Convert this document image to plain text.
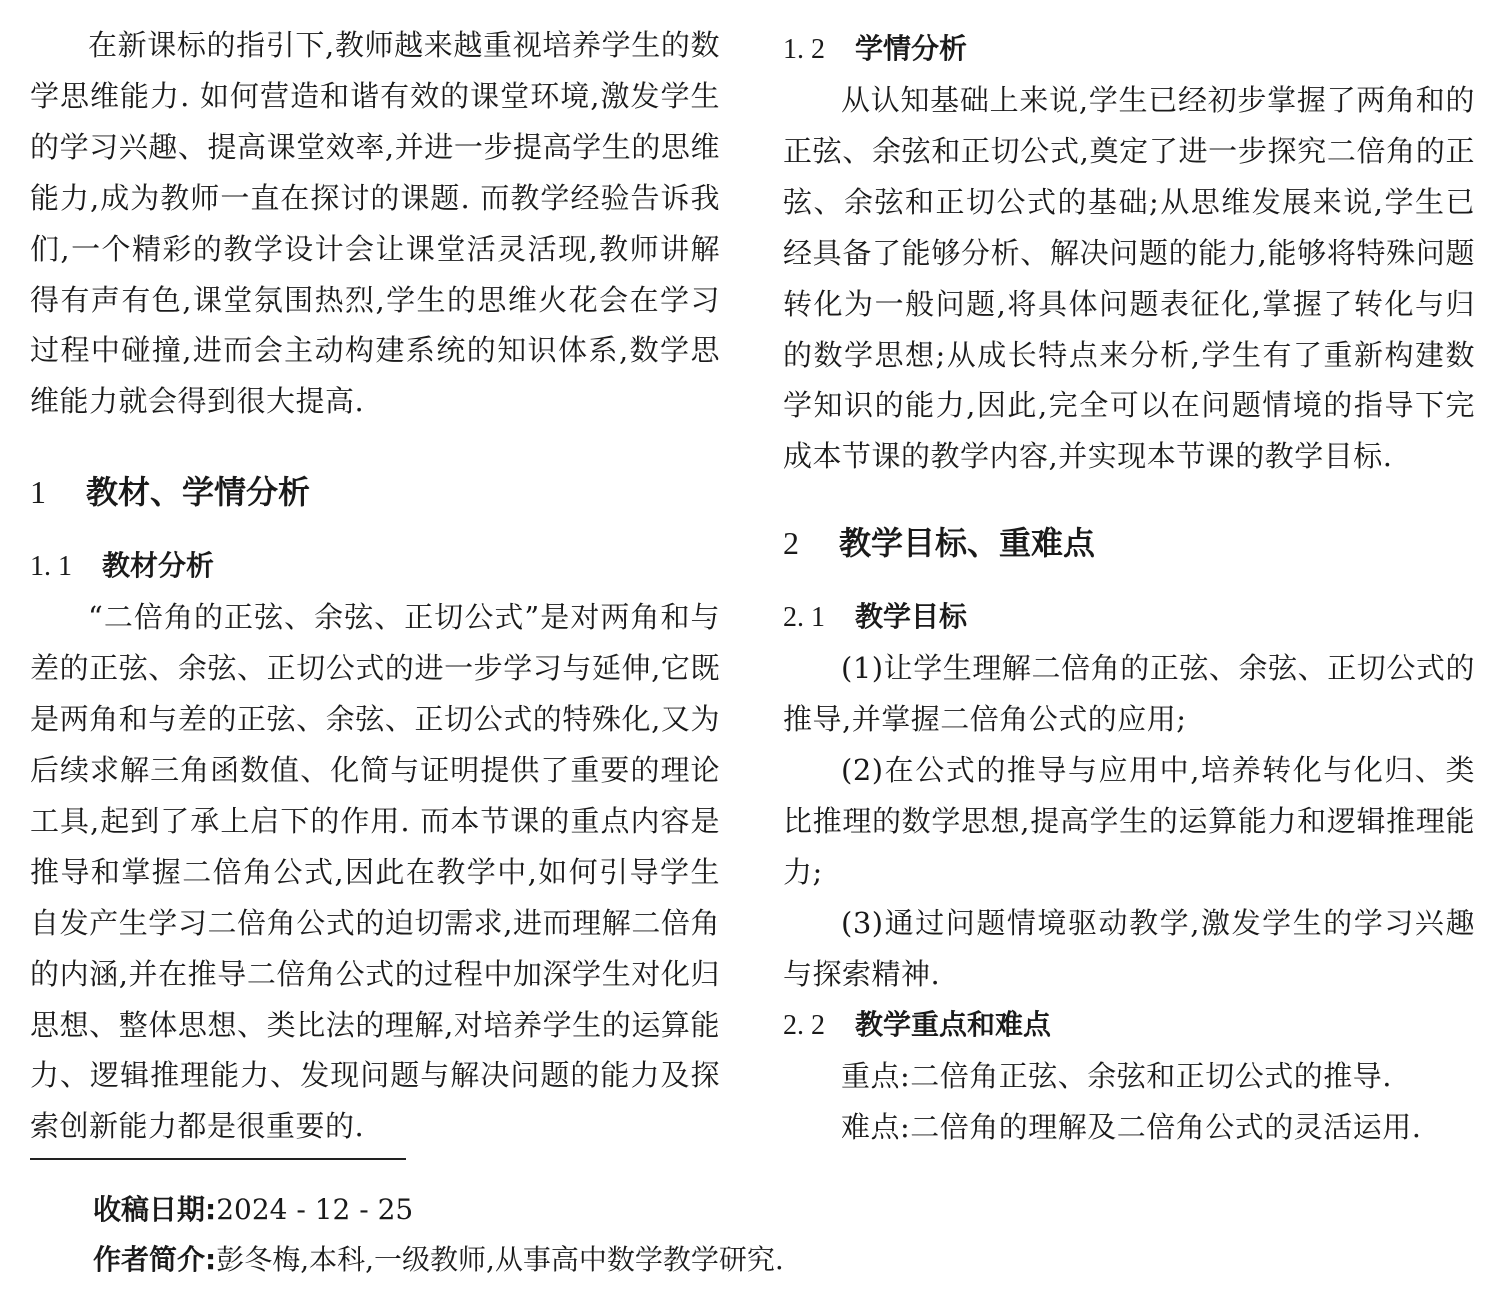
在新课标的指引下,教师越来越重视培养学生的数学思维能力. 如何营造和谐有效的课堂环境,激发学生的学习兴趣、提高课堂效率,并进一步提高学生的思维能力,成为教师一直在探讨的课题. 而教学经验告诉我们,一个精彩的教学设计会让课堂活灵活现,教师讲解得有声有色,课堂氛围热烈,学生的思维火花会在学习过程中碰撞,进而会主动构建系统的知识体系,数学思维能力就会得到很大提高.

1 教材、学情分析
1. 1 教材分析

“二倍角的正弦、余弦、正切公式”是对两角和与差的正弦、余弦、正切公式的进一步学习与延伸,它既是两角和与差的正弦、余弦、正切公式的特殊化,又为后续求解三角函数值、化简与证明提供了重要的理论工具,起到了承上启下的作用. 而本节课的重点内容是推导和掌握二倍角公式,因此在教学中,如何引导学生自发产生学习二倍角公式的迫切需求,进而理解二倍角的内涵,并在推导二倍角公式的过程中加深学生对化归思想、整体思想、类比法的理解,对培养学生的运算能力、逻辑推理能力、发现问题与解决问题的能力及探索创新能力都是很重要的.

1. 2 学情分析

从认知基础上来说,学生已经初步掌握了两角和的正弦、余弦和正切公式,奠定了进一步探究二倍角的正弦、余弦和正切公式的基础;从思维发展来说,学生已经具备了能够分析、解决问题的能力,能够将特殊问题转化为一般问题,将具体问题表征化,掌握了转化与归的数学思想;从成长特点来分析,学生有了重新构建数学知识的能力,因此,完全可以在问题情境的指导下完成本节课的教学内容,并实现本节课的教学目标.

2 教学目标、重难点
2. 1 教学目标

(1)让学生理解二倍角的正弦、余弦、正切公式的推导,并掌握二倍角公式的应用;

(2)在公式的推导与应用中,培养转化与化归、类比推理的数学思想,提高学生的运算能力和逻辑推理能力;

(3)通过问题情境驱动教学,激发学生的学习兴趣与探索精神.

2. 2 教学重点和难点

重点:二倍角正弦、余弦和正切公式的推导.

难点:二倍角的理解及二倍角公式的灵活运用.

收稿日期:2024 - 12 - 25
作者简介:彭冬梅,本科,一级教师,从事高中数学教学研究.
